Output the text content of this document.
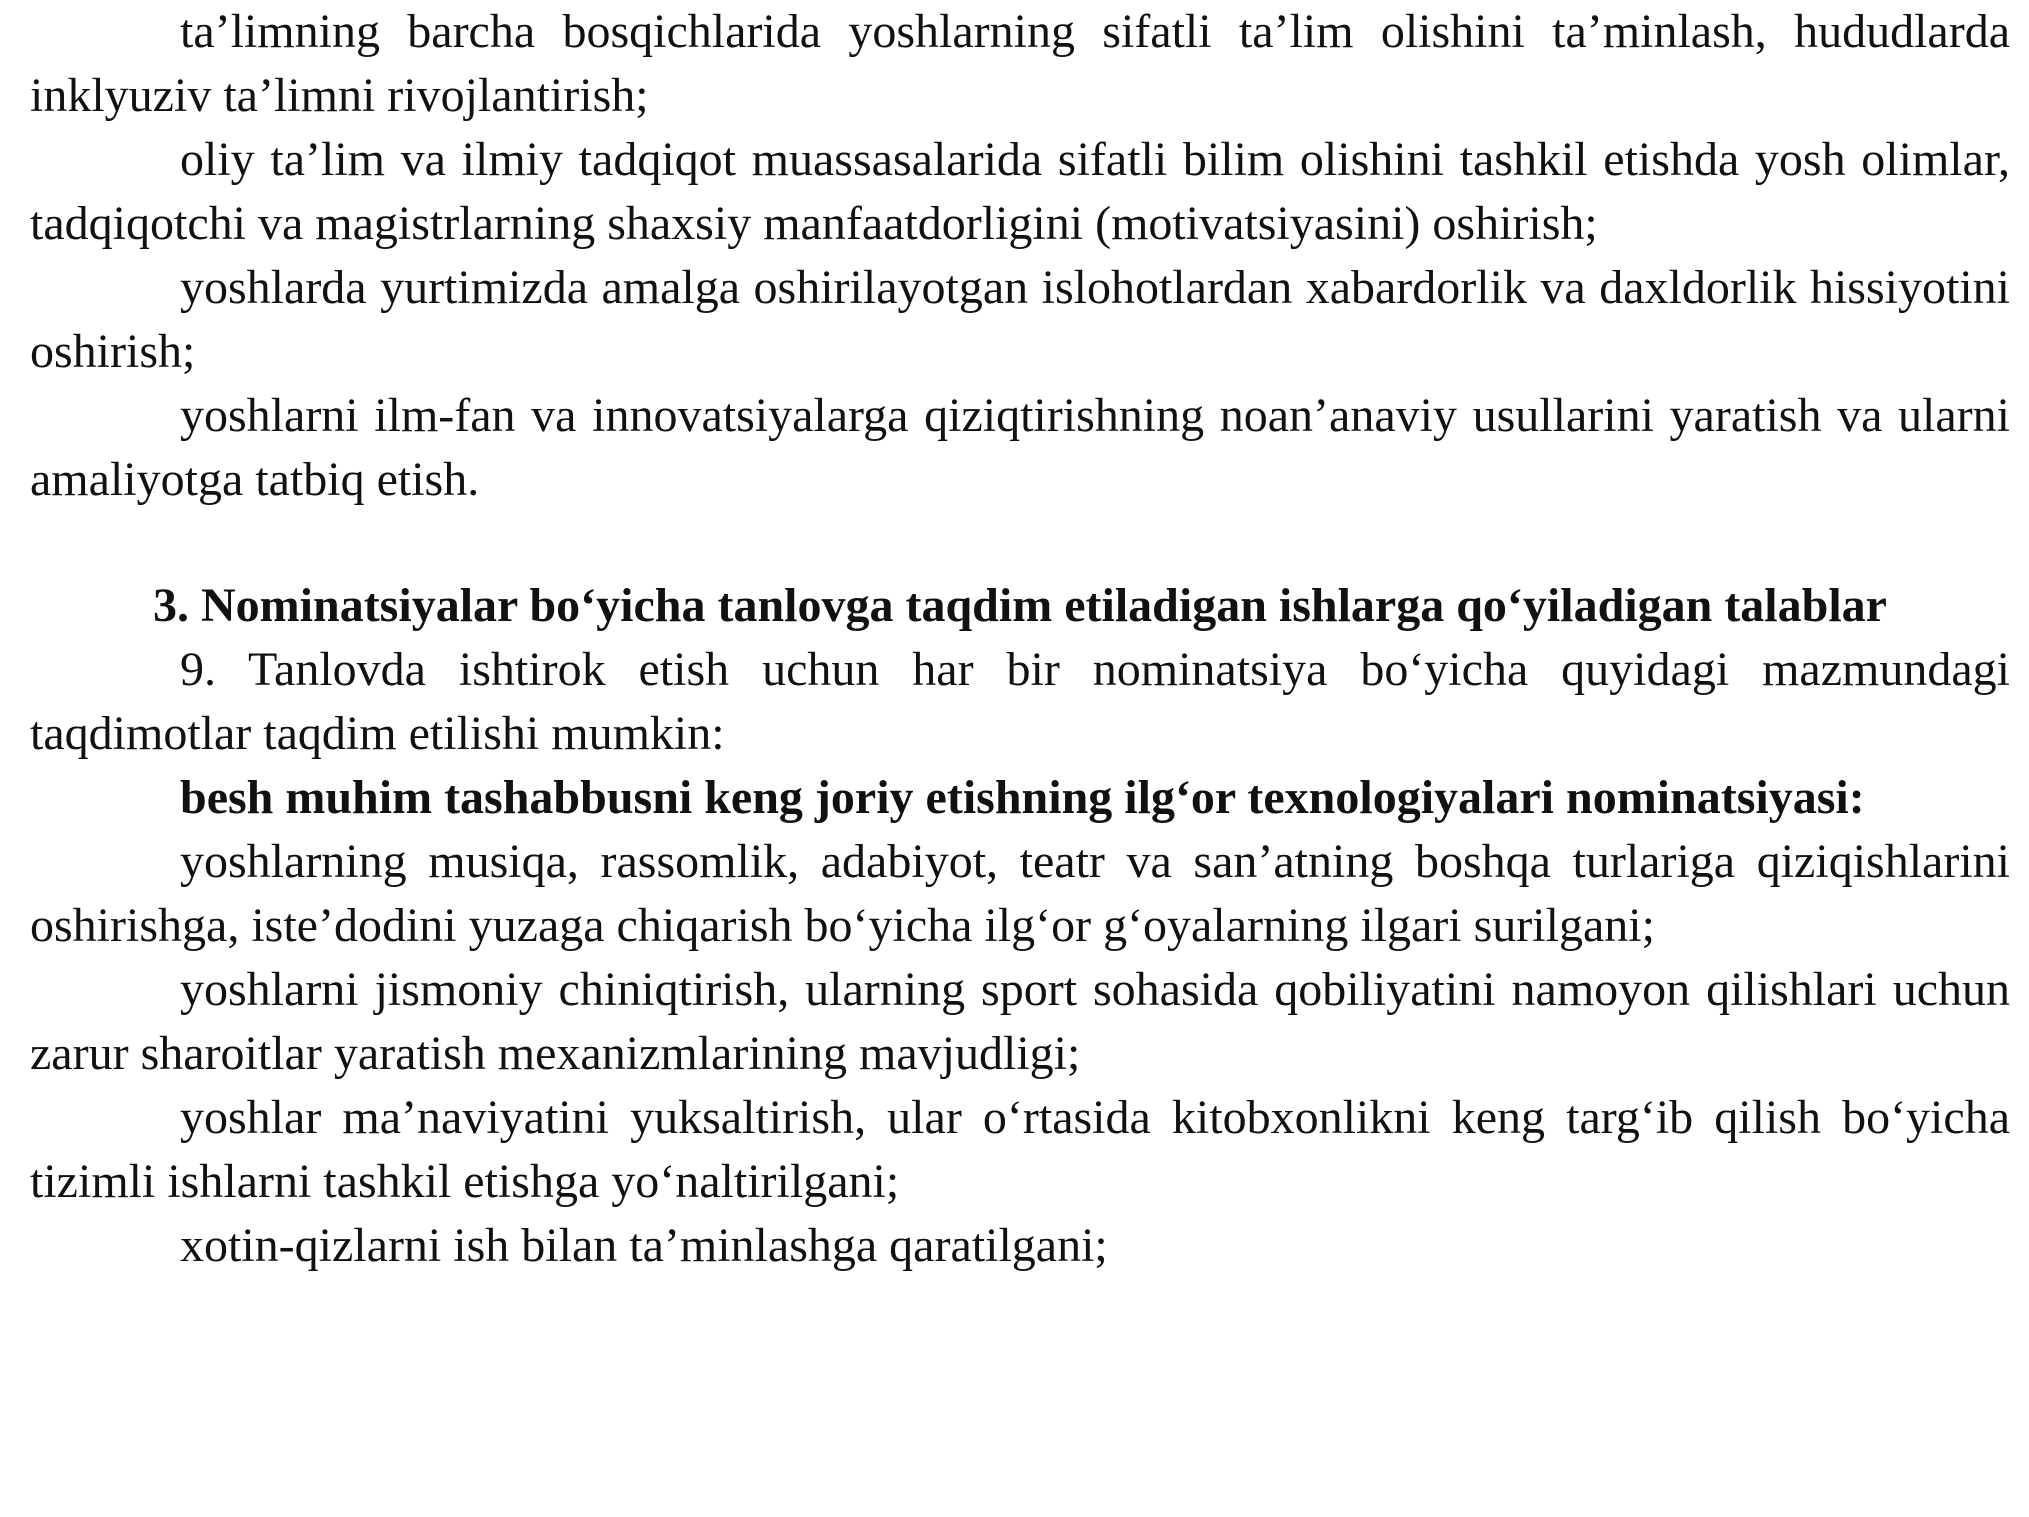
ta’limning barcha bosqichlarida yoshlarning sifatli ta’lim olishini ta’minlash, hududlarda inklyuziv ta’limni rivojlantirish;

oliy ta’lim va ilmiy tadqiqot muassasalarida sifatli bilim olishini tashkil etishda yosh olimlar, tadqiqotchi va magistrlarning shaxsiy manfaatdorligini (motivatsiyasini) oshirish;

yoshlarda yurtimizda amalga oshirilayotgan islohotlardan xabardorlik va daxldorlik hissiyotini oshirish;

yoshlarni ilm-fan va innovatsiyalarga qiziqtirishning noan’anaviy usullarini yaratish va ularni amaliyotga tatbiq etish.

3. Nominatsiyalar bo‘yicha tanlovga taqdim etiladigan ishlarga qo‘yiladigan talablar

9. Tanlovda ishtirok etish uchun har bir nominatsiya bo‘yicha quyidagi mazmundagi taqdimotlar taqdim etilishi mumkin:

besh muhim tashabbusni keng joriy etishning ilg‘or texnologiyalari nominatsiyasi:

yoshlarning musiqa, rassomlik, adabiyot, teatr va san’atning boshqa turlariga qiziqishlarini oshirishga, iste’dodini yuzaga chiqarish bo‘yicha ilg‘or g‘oyalarning ilgari surilgani;

yoshlarni jismoniy chiniqtirish, ularning sport sohasida qobiliyatini namoyon qilishlari uchun zarur sharoitlar yaratish mexanizmlarining mavjudligi;

yoshlar ma’naviyatini yuksaltirish, ular o‘rtasida kitobxonlikni keng targ‘ib qilish bo‘yicha tizimli ishlarni tashkil etishga yo‘naltirilgani;

xotin-qizlarni ish bilan ta’minlashga qaratilgani;
